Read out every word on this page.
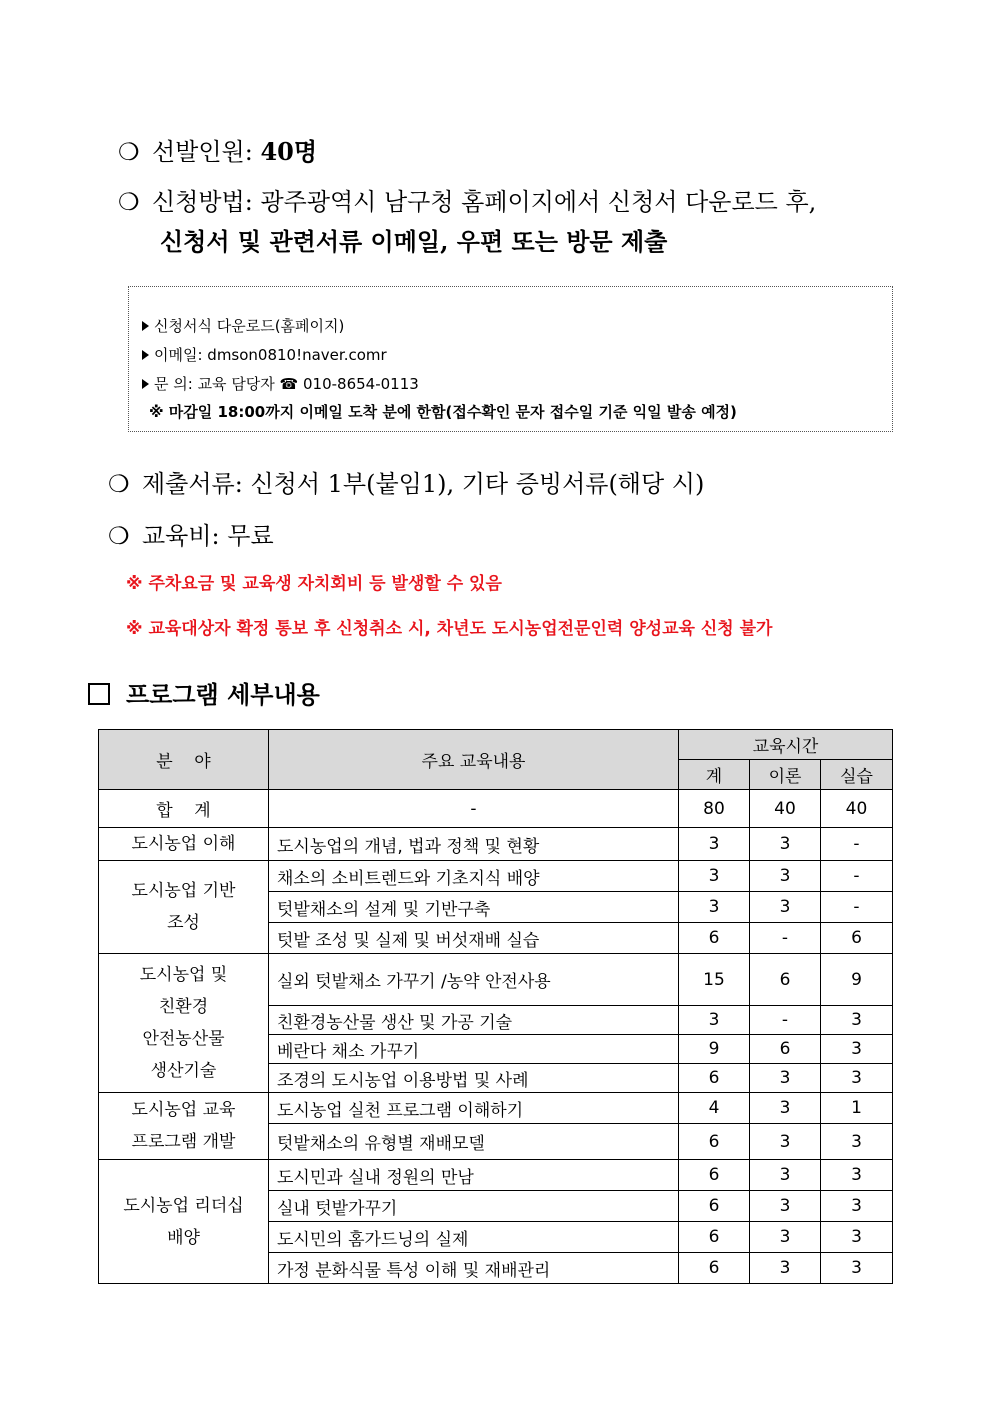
❍ 선발인원: 40명
❍ 신청방법: 광주광역시 남구청 홈페이지에서 신청서 다운로드 후,
신청서 및 관련서류 이메일, 우편 또는 방문 제출
신청서식 다운로드(홈페이지)
이메일: dmson0810!naver.comr
문 의: 교육 담당자 ☎ 010-8654-0113
※ 마감일 18:00까지 이메일 도착 분에 한함(접수확인 문자 접수일 기준 익일 발송 예정)
❍ 제출서류: 신청서 1부(붙임1), 기타 증빙서류(해당 시)
❍ 교육비: 무료
※ 주차요금 및 교육생 자치회비 등 발생할 수 있음
※ 교육대상자 확정 통보 후 신청취소 시, 차년도 도시농업전문인력 양성교육 신청 불가
프로그램 세부내용
분    야	주요 교육내용	교육시간		
		계	이론	실습
합    계	-	80	40	40
도시농업 이해	도시농업의 개념, 법과 정책 및 현황	3	3	-
도시농업 기반
조성	채소의 소비트렌드와 기초지식 배양	3	3	-
	텃밭채소의 설계 및 기반구축	3	3	-
	텃밭 조성 및 실제 및 버섯재배 실습	6	-	6
도시농업 및
친환경
안전농산물
생산기술	실외 텃밭채소 가꾸기 /농약 안전사용	15	6	9
	친환경농산물 생산 및 가공 기술	3	-	3
	베란다 채소 가꾸기	9	6	3
	조경의 도시농업 이용방법 및 사례	6	3	3
도시농업 교육
프로그램 개발	도시농업 실천 프로그램 이해하기	4	3	1
	텃밭채소의 유형별 재배모델	6	3	3
도시농업 리더십
배양	도시민과 실내 정원의 만남	6	3	3
	실내 텃밭가꾸기	6	3	3
	도시민의 홈가드닝의 실제	6	3	3
	가정 분화식물 특성 이해 및 재배관리	6	3	3
